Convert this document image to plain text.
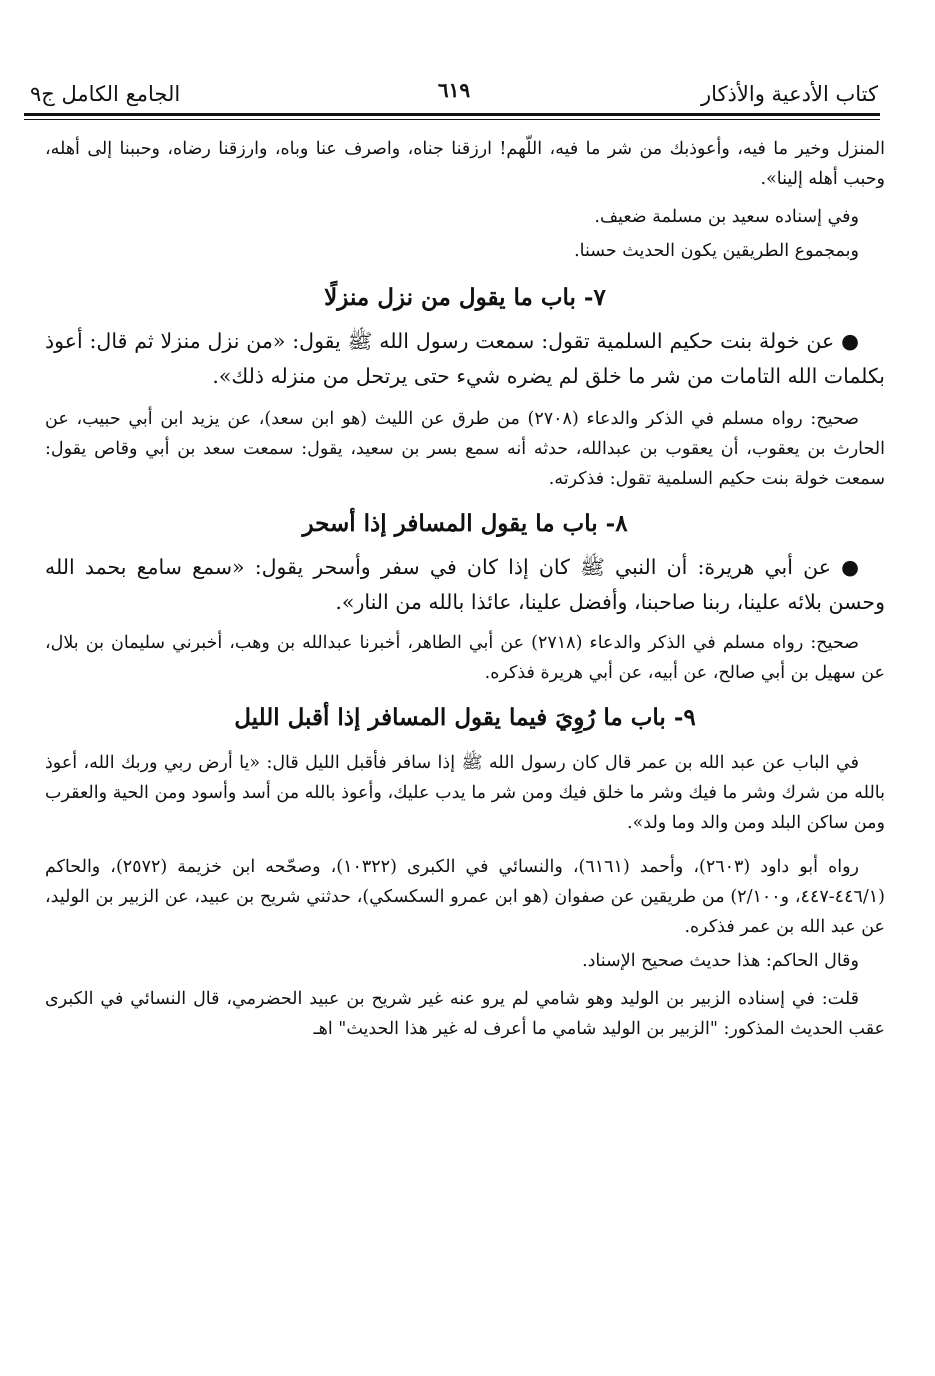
كتاب الأدعية والأذكار
٦١٩
الجامع الكامل ج٩

المنزل وخير ما فيه، وأعوذبك من شر ما فيه، اللّهم! ارزقنا جناه، واصرف عنا وباه، وارزقنا رضاه، وحببنا إلى أهله، وحبب أهله إلينا».

وفي إسناده سعيد بن مسلمة ضعيف.

وبمجموع الطريقين يكون الحديث حسنا.

٧- باب ما يقول من نزل منزلًا

● عن خولة بنت حكيم السلمية تقول: سمعت رسول الله ﷺ يقول: «من نزل منزلا ثم قال: أعوذ بكلمات الله التامات من شر ما خلق لم يضره شيء حتى يرتحل من منزله ذلك».

صحيح: رواه مسلم في الذكر والدعاء (٢٧٠٨) من طرق عن الليث (هو ابن سعد)، عن يزيد ابن أبي حبيب، عن الحارث بن يعقوب، أن يعقوب بن عبدالله، حدثه أنه سمع بسر بن سعيد، يقول: سمعت سعد بن أبي وقاص يقول: سمعت خولة بنت حكيم السلمية تقول: فذكرته.

٨- باب ما يقول المسافر إذا أسحر

● عن أبي هريرة: أن النبي ﷺ كان إذا كان في سفر وأسحر يقول: «سمع سامع بحمد الله وحسن بلائه علينا، ربنا صاحبنا، وأفضل علينا، عائذا بالله من النار».

صحيح: رواه مسلم في الذكر والدعاء (٢٧١٨) عن أبي الطاهر، أخبرنا عبدالله بن وهب، أخبرني سليمان بن بلال، عن سهيل بن أبي صالح، عن أبيه، عن أبي هريرة فذكره.

٩- باب ما رُوِيَ فيما يقول المسافر إذا أقبل الليل

في الباب عن عبد الله بن عمر قال كان رسول الله ﷺ إذا سافر فأقبل الليل قال: «يا أرض ربي وربك الله، أعوذ بالله من شرك وشر ما فيك وشر ما خلق فيك ومن شر ما يدب عليك، وأعوذ بالله من أسد وأسود ومن الحية والعقرب ومن ساكن البلد ومن والد وما ولد».

رواه أبو داود (٢٦٠٣)، وأحمد (٦١٦١)، والنسائي في الكبرى (١٠٣٢٢)، وصحّحه ابن خزيمة (٢٥٧٢)، والحاكم (٤٤٦/١-٤٤٧، و٢/١٠٠) من طريقين عن صفوان (هو ابن عمرو السكسكي)، حدثني شريح بن عبيد، عن الزبير بن الوليد، عن عبد الله بن عمر فذكره.

وقال الحاكم: هذا حديث صحيح الإسناد.

قلت: في إسناده الزبير بن الوليد وهو شامي لم يرو عنه غير شريح بن عبيد الحضرمي، قال النسائي في الكبرى عقب الحديث المذكور: "الزبير بن الوليد شامي ما أعرف له غير هذا الحديث" اهـ
